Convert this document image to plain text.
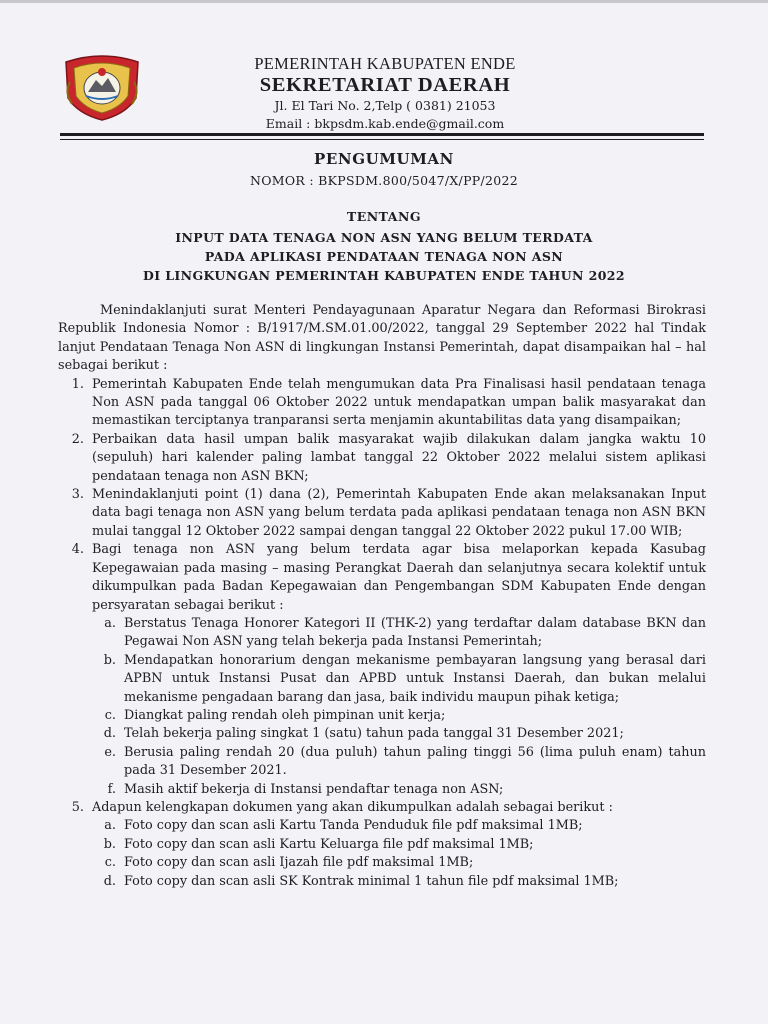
PEMERINTAH KABUPATEN ENDE
SEKRETARIAT DAERAH
Jl. El Tari No. 2,Telp ( 0381) 21053
Email : bkpsdm.kab.ende@gmail.com
PENGUMUMAN
NOMOR : BKPSDM.800/5047/X/PP/2022
TENTANG
INPUT DATA TENAGA NON ASN YANG BELUM TERDATA
PADA APLIKASI PENDATAAN TENAGA NON ASN
DI LINGKUNGAN PEMERINTAH KABUPATEN ENDE TAHUN 2022

Menindaklanjuti surat Menteri Pendayagunaan Aparatur Negara dan Reformasi Birokrasi Republik Indonesia Nomor : B/1917/M.SM.01.00/2022, tanggal 29 September 2022 hal Tindak lanjut Pendataan Tenaga Non ASN di lingkungan Instansi Pemerintah, dapat disampaikan hal – hal sebagai berikut :

1. Pemerintah Kabupaten Ende telah mengumukan data Pra Finalisasi hasil pendataan tenaga Non ASN pada tanggal 06 Oktober 2022 untuk mendapatkan umpan balik masyarakat dan memastikan terciptanya tranparansi serta menjamin akuntabilitas data yang disampaikan;
2. Perbaikan data hasil umpan balik masyarakat wajib dilakukan dalam jangka waktu 10 (sepuluh) hari kalender paling lambat tanggal 22 Oktober 2022 melalui sistem aplikasi pendataan tenaga non ASN BKN;
3. Menindaklanjuti point (1) dana (2), Pemerintah Kabupaten Ende akan melaksanakan Input data bagi tenaga non ASN yang belum terdata pada aplikasi pendataan tenaga non ASN BKN mulai tanggal 12 Oktober 2022 sampai dengan tanggal 22 Oktober 2022 pukul 17.00 WIB;
4. Bagi tenaga non ASN yang belum terdata agar bisa melaporkan kepada Kasubag Kepegawaian pada masing – masing Perangkat Daerah dan selanjutnya secara kolektif untuk dikumpulkan pada Badan Kepegawaian dan Pengembangan SDM Kabupaten Ende dengan persyaratan sebagai berikut :
a. Berstatus Tenaga Honorer Kategori II (THK-2) yang terdaftar dalam database BKN dan Pegawai Non ASN yang telah bekerja pada Instansi Pemerintah;
b. Mendapatkan honorarium dengan mekanisme pembayaran langsung yang berasal dari APBN untuk Instansi Pusat dan APBD untuk Instansi Daerah, dan bukan melalui mekanisme pengadaan barang dan jasa, baik individu maupun pihak ketiga;
c. Diangkat paling rendah oleh pimpinan unit kerja;
d. Telah bekerja paling singkat 1 (satu) tahun pada tanggal 31 Desember 2021;
e. Berusia paling rendah 20 (dua puluh) tahun paling tinggi 56 (lima puluh enam) tahun pada 31 Desember 2021.
f. Masih aktif bekerja di Instansi pendaftar tenaga non ASN;
5. Adapun kelengkapan dokumen yang akan dikumpulkan adalah sebagai berikut :
a. Foto copy dan scan asli Kartu Tanda Penduduk file pdf maksimal 1MB;
b. Foto copy dan scan asli Kartu Keluarga file pdf maksimal 1MB;
c. Foto copy dan scan asli Ijazah file pdf maksimal 1MB;
d. Foto copy dan scan asli SK Kontrak minimal 1 tahun file pdf maksimal 1MB;
